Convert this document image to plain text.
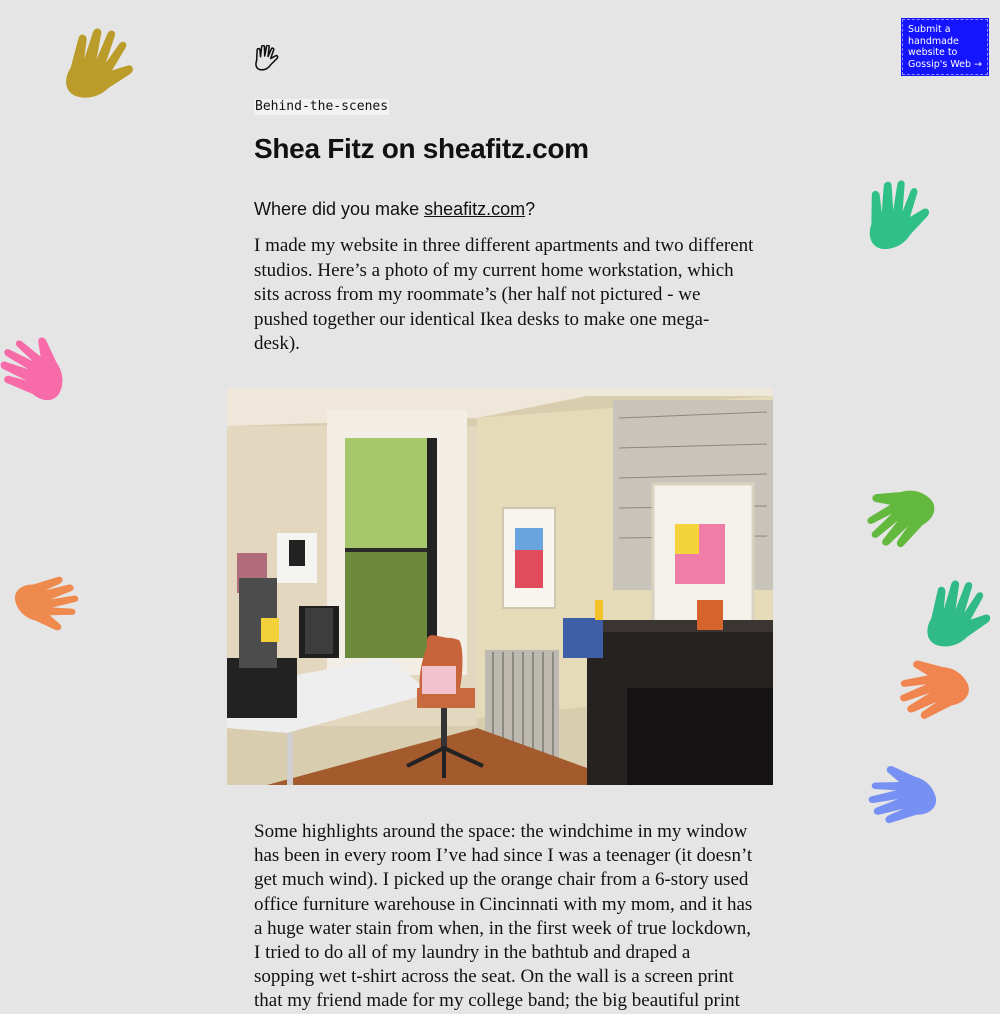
Submit a handmade website to Gossip's Web →
Behind-the-scenes
Shea Fitz on sheafitz.com

Where did you make sheafitz.com?

I made my website in three different apartments and two different studios. Here’s a photo of my current home workstation, which sits across from my roommate’s (her half not pictured - we pushed together our identical Ikea desks to make one mega-desk).

Some highlights around the space: the windchime in my window has been in every room I’ve had since I was a teenager (it doesn’t get much wind). I picked up the orange chair from a 6-story used office furniture warehouse in Cincinnati with my mom, and it has a huge water stain from when, in the first week of true lockdown, I tried to do all of my laundry in the bathtub and draped a sopping wet t-shirt across the seat. On the wall is a screen print that my friend made for my college band; the big beautiful print
